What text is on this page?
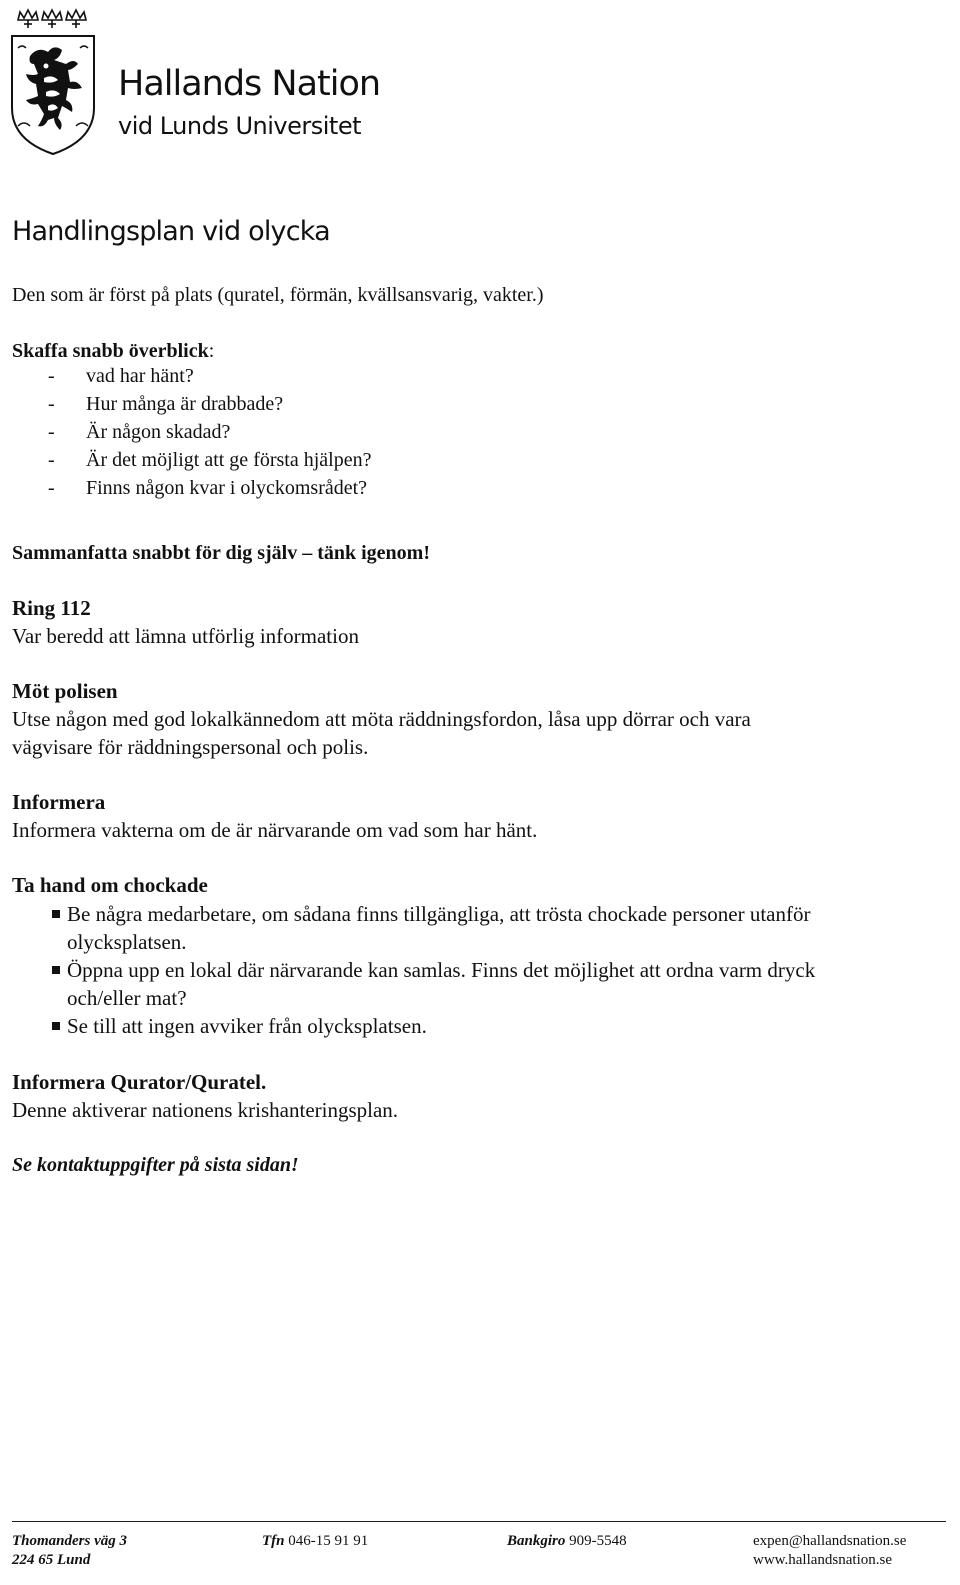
Hallands Nation
vid Lunds Universitet
Handlingsplan vid olycka
Den som är först på plats (quratel, förmän, kvällsansvarig, vakter.)
Skaffa snabb överblick:
- vad har hänt?
- Hur många är drabbade?
- Är någon skadad?
- Är det möjligt att ge första hjälpen?
- Finns någon kvar i olyckomsrådet?
Sammanfatta snabbt för dig själv – tänk igenom!
Ring 112
Var beredd att lämna utförlig information
Möt polisen
Utse någon med god lokalkännedom att möta räddningsfordon, låsa upp dörrar och vara
vägvisare för räddningspersonal och polis.
Informera
Informera vakterna om de är närvarande om vad som har hänt.
Ta hand om chockade
Be några medarbetare, om sådana finns tillgängliga, att trösta chockade personer utanför
olycksplatsen.
Öppna upp en lokal där närvarande kan samlas. Finns det möjlighet att ordna varm dryck
och/eller mat?
Se till att ingen avviker från olycksplatsen.
Informera Qurator/Quratel.
Denne aktiverar nationens krishanteringsplan.
Se kontaktuppgifter på sista sidan!
Thomanders väg 3
224 65 Lund
Tfn 046-15 91 91	Bankgiro 909-5548	expen@hallandsnation.se
www.hallandsnation.se
